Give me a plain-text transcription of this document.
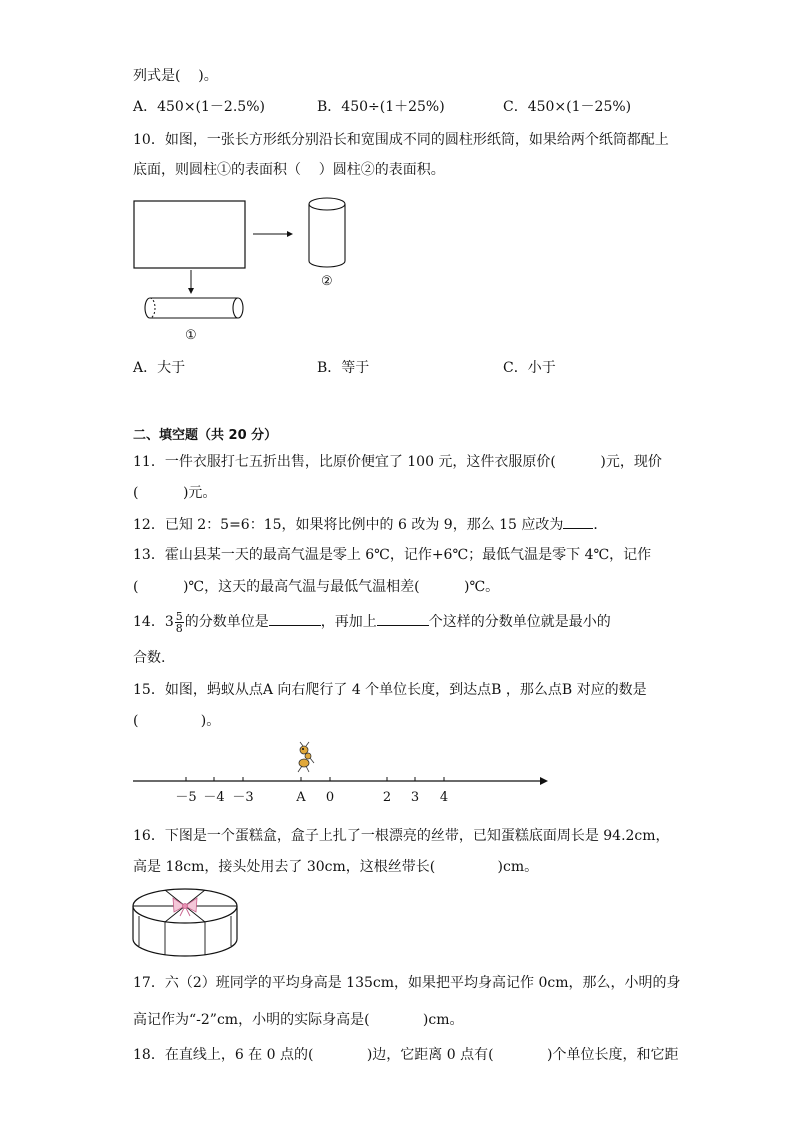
列式是(    )。
A．450×(1－2.5%)	B．450÷(1＋25%)	C．450×(1－25%)
10．如图，一张长方形纸分别沿长和宽围成不同的圆柱形纸筒，如果给两个纸筒都配上
底面，则圆柱①的表面积（    ）圆柱②的表面积。
②
①
A．大于	B．等于	C．小于
二、填空题（共 20 分）
11．一件衣服打七五折出售，比原价便宜了 100 元，这件衣服原价(          )元，现价
(          )元。
12．已知 2：5=6：15，如果将比例中的 6 改为 9，那么 15 应改为 ．
13．霍山县某一天的最高气温是零上 6℃，记作+6℃；最低气温是零下 4℃，记作
(          )℃，这天的最高气温与最低气温相差(          )℃。
14．$3 \frac{5}{8}$ 的分数单位是	，再加上	个这样的分数单位就是最小的
合数.
15．如图，蚂蚁从点A 向右爬行了 4 个单位长度，到达点B ，那么点B 对应的数是
(              )。
－5 －4 －3	A 0	2 3 4
16．下图是一个蛋糕盒，盒子上扎了一根漂亮的丝带，已知蛋糕底面周长是 94.2cm，
高是 18cm，接头处用去了 30cm，这根丝带长(              )cm。
17．六（2）班同学的平均身高是 135cm，如果把平均身高记作 0cm，那么，小明的身
高记作为“-2”cm，小明的实际身高是(            )cm。
18．在直线上，6 在 0 点的(            )边，它距离 0 点有(            )个单位长度，和它距
